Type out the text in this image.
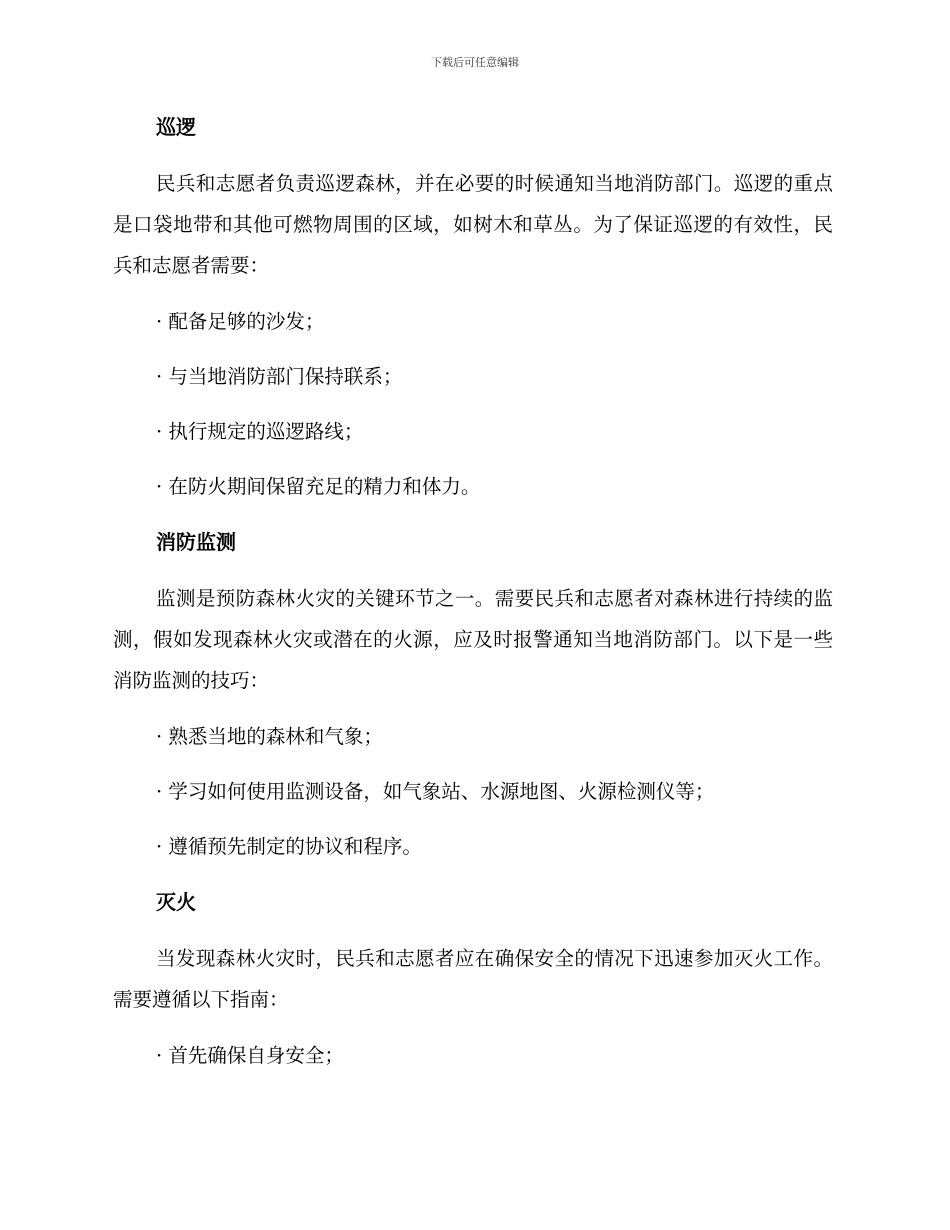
下载后可任意编辑
巡逻

民兵和志愿者负责巡逻森林，并在必要的时候通知当地消防部门。巡逻的重点是口袋地带和其他可燃物周围的区域，如树木和草丛。为了保证巡逻的有效性，民兵和志愿者需要：

· 配备足够的沙发；
· 与当地消防部门保持联系；
· 执行规定的巡逻路线；
· 在防火期间保留充足的精力和体力。
消防监测

监测是预防森林火灾的关键环节之一。需要民兵和志愿者对森林进行持续的监测，假如发现森林火灾或潜在的火源，应及时报警通知当地消防部门。以下是一些消防监测的技巧：

· 熟悉当地的森林和气象；
· 学习如何使用监测设备，如气象站、水源地图、火源检测仪等；
· 遵循预先制定的协议和程序。
灭火

当发现森林火灾时，民兵和志愿者应在确保安全的情况下迅速参加灭火工作。需要遵循以下指南：

· 首先确保自身安全；
